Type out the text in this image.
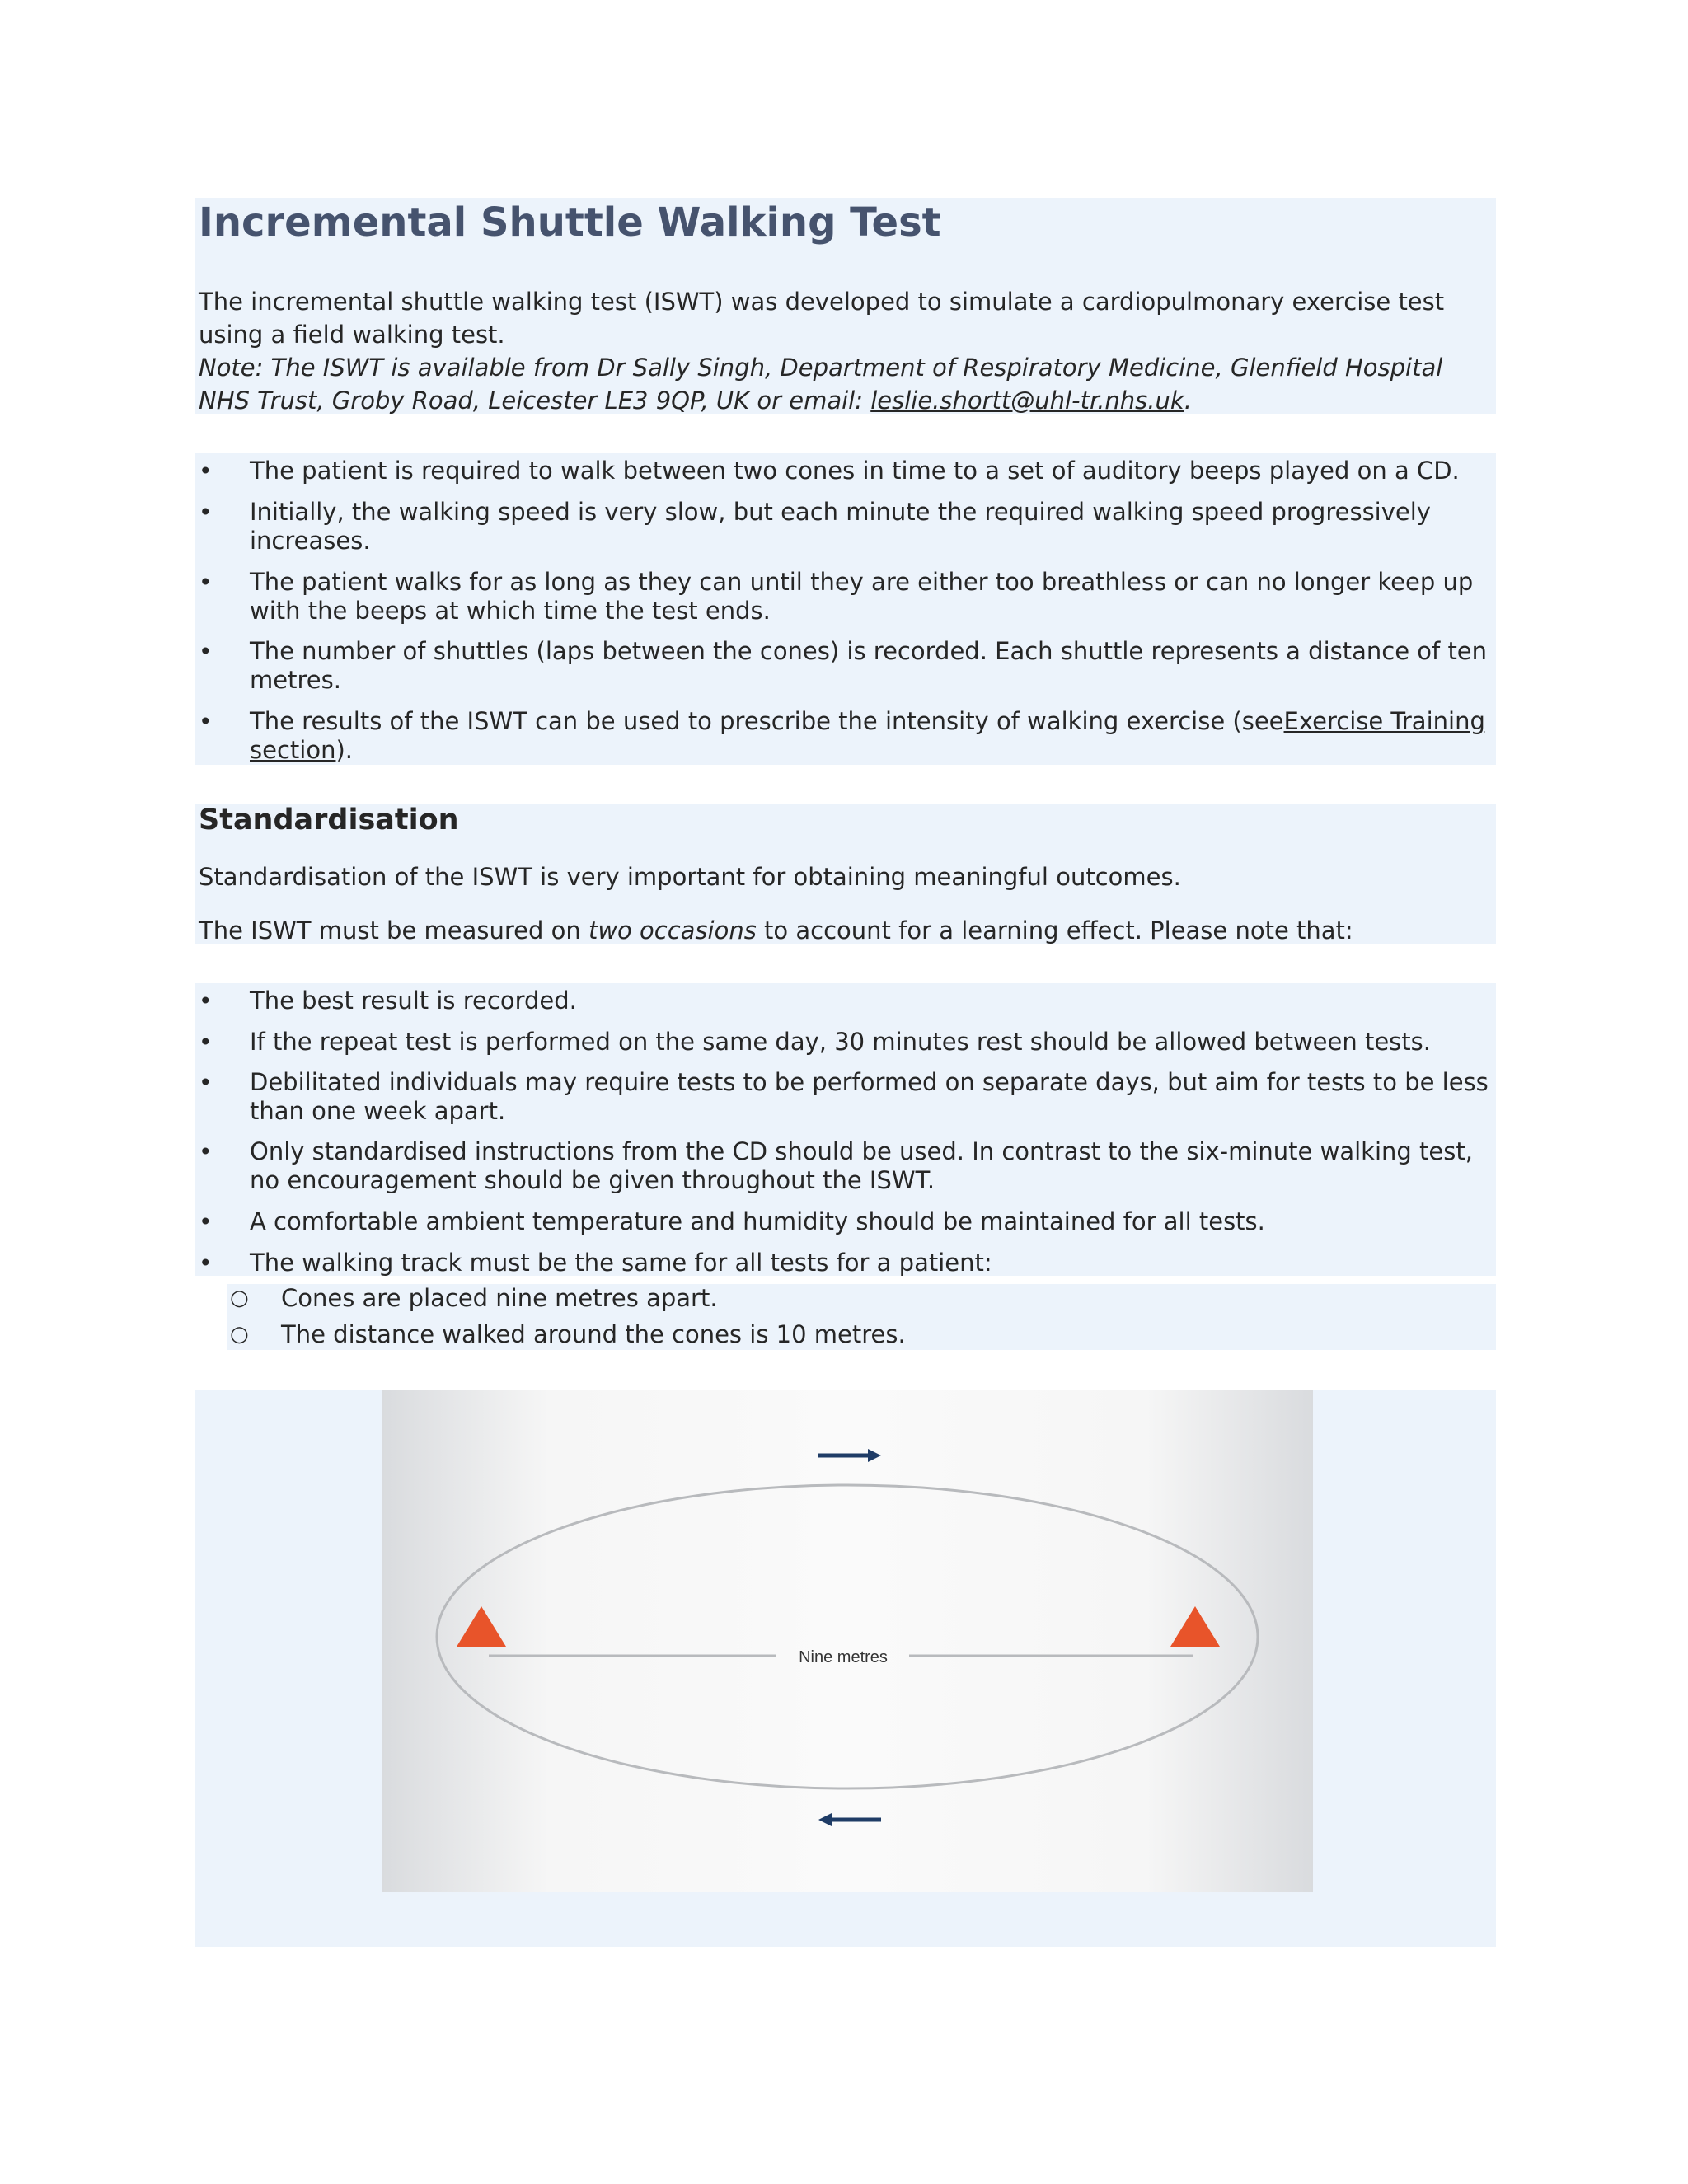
Incremental Shuttle Walking Test
The incremental shuttle walking test (ISWT) was developed to simulate a cardiopulmonary exercise test
using a field walking test.
Note: The ISWT is available from Dr Sally Singh, Department of Respiratory Medicine, Glenfield Hospital
NHS Trust, Groby Road, Leicester LE3 9QP, UK or email: leslie.shortt@uhl-tr.nhs.uk.
•	The patient is required to walk between two cones in time to a set of auditory beeps played on a CD.

•	Initially, the walking speed is very slow, but each minute the required walking speed progressively
increases.
•	The patient walks for as long as they can until they are either too breathless or can no longer keep up
with the beeps at which time the test ends.
•	The number of shuttles (laps between the cones) is recorded. Each shuttle represents a distance of ten
metres.
•	The results of the ISWT can be used to prescribe the intensity of walking exercise (seeExercise Training
section).
Standardisation
Standardisation of the ISWT is very important for obtaining meaningful outcomes.
The ISWT must be measured on two occasions to account for a learning effect. Please note that:
•	The best result is recorded.
•	If the repeat test is performed on the same day, 30 minutes rest should be allowed between tests.
•	Debilitated individuals may require tests to be performed on separate days, but aim for tests to be less
than one week apart.
•	Only standardised instructions from the CD should be used. In contrast to the six-minute walking test,
no encouragement should be given throughout the ISWT.
•	A comfortable ambient temperature and humidity should be maintained for all tests.
•	The walking track must be the same for all tests for a patient:
○ Cones are placed nine metres apart.
○ The distance walked around the cones is 10 metres.
Nine metres
